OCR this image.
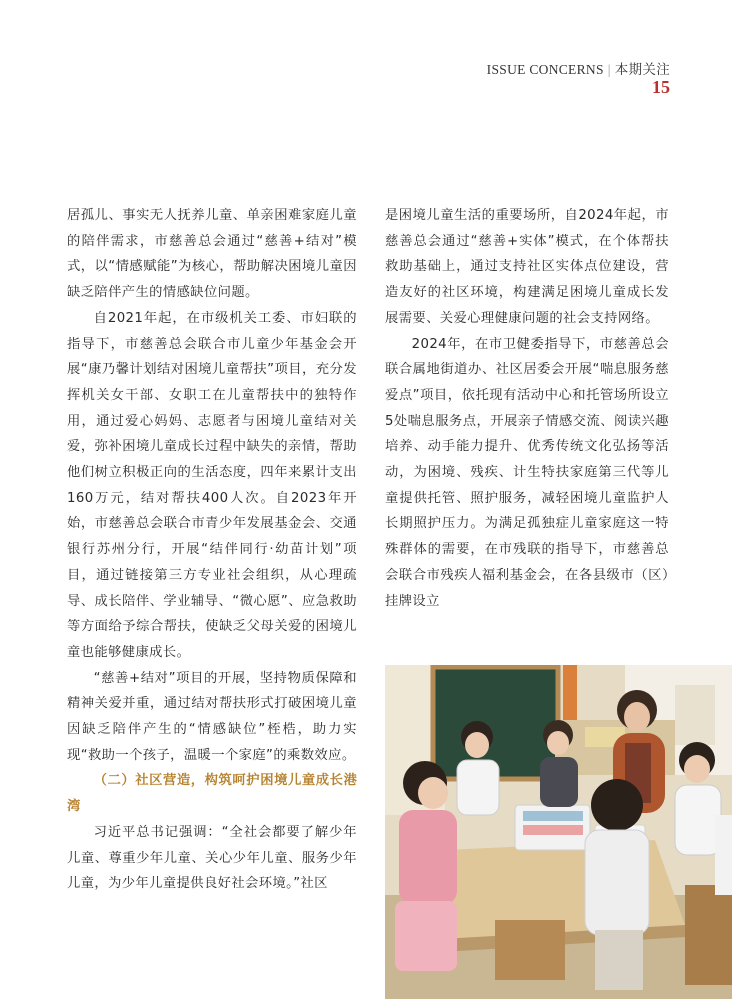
ISSUE CONCERNS | 本期关注
15

居孤儿、事实无人抚养儿童、单亲困难家庭儿童的陪伴需求，市慈善总会通过“慈善+结对”模式，以“情感赋能”为核心，帮助解决困境儿童因缺乏陪伴产生的情感缺位问题。

自2021年起，在市级机关工委、市妇联的指导下，市慈善总会联合市儿童少年基金会开展“康乃馨计划结对困境儿童帮扶”项目，充分发挥机关女干部、女职工在儿童帮扶中的独特作用，通过爱心妈妈、志愿者与困境儿童结对关爱，弥补困境儿童成长过程中缺失的亲情，帮助他们树立积极正向的生活态度，四年来累计支出160万元，结对帮扶400人次。自2023年开始，市慈善总会联合市青少年发展基金会、交通银行苏州分行，开展“结伴同行·幼苗计划”项目，通过链接第三方专业社会组织，从心理疏导、成长陪伴、学业辅导、“微心愿”、应急救助等方面给予综合帮扶，使缺乏父母关爱的困境儿童也能够健康成长。

“慈善+结对”项目的开展，坚持物质保障和精神关爱并重，通过结对帮扶形式打破困境儿童因缺乏陪伴产生的“情感缺位”桎梏，助力实现“救助一个孩子，温暖一个家庭”的乘数效应。

（二）社区营造，构筑呵护困境儿童成长港湾

习近平总书记强调：“全社会都要了解少年儿童、尊重少年儿童、关心少年儿童、服务少年儿童，为少年儿童提供良好社会环境。”社区

是困境儿童生活的重要场所，自2024年起，市慈善总会通过“慈善+实体”模式，在个体帮扶救助基础上，通过支持社区实体点位建设，营造友好的社区环境，构建满足困境儿童成长发展需要、关爱心理健康问题的社会支持网络。

2024年，在市卫健委指导下，市慈善总会联合属地街道办、社区居委会开展“喘息服务慈爱点”项目，依托现有活动中心和托管场所设立5处喘息服务点，开展亲子情感交流、阅读兴趣培养、动手能力提升、优秀传统文化弘扬等活动，为困境、残疾、计生特扶家庭第三代等儿童提供托管、照护服务，减轻困境儿童监护人长期照护压力。为满足孤独症儿童家庭这一特殊群体的需要，在市残联的指导下，市慈善总会联合市残疾人福利基金会，在各县级市（区）挂牌设立
